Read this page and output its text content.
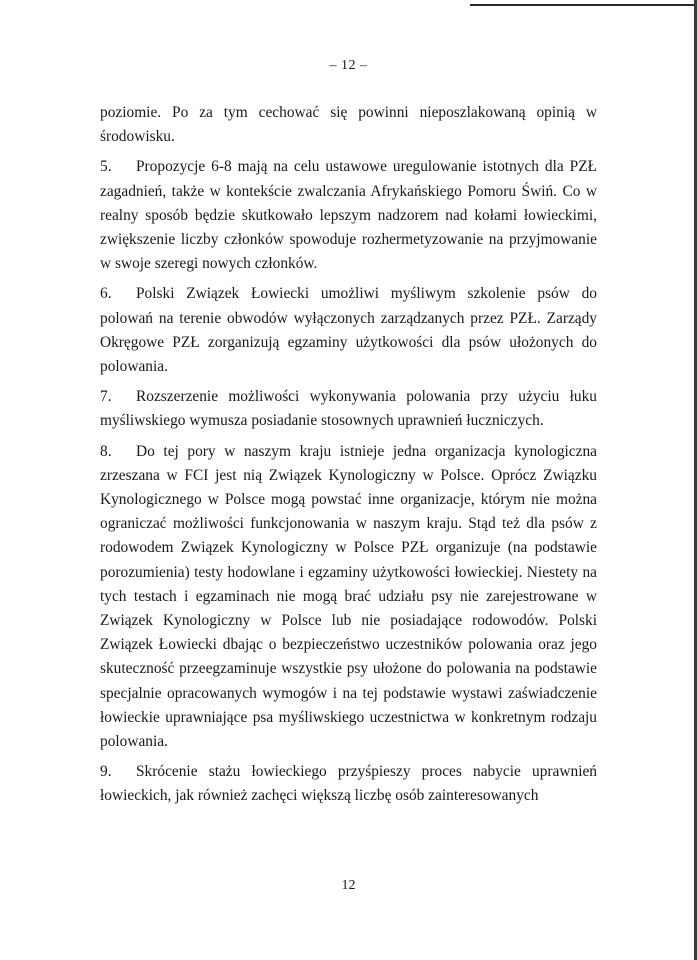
– 12 –

poziomie. Po za tym cechować się powinni nieposzlakowaną opinią w środowisku.

5. Propozycje 6-8 mają na celu ustawowe uregulowanie istotnych dla PZŁ zagadnień, także w kontekście zwalczania Afrykańskiego Pomoru Świń. Co w realny sposób będzie skutkowało lepszym nadzorem nad kołami łowieckimi, zwiększenie liczby członków spowoduje rozhermetyzowanie na przyjmowanie w swoje szeregi nowych członków.

6. Polski Związek Łowiecki umożliwi myśliwym szkolenie psów do polowań na terenie obwodów wyłączonych zarządzanych przez PZŁ. Zarządy Okręgowe PZŁ zorganizują egzaminy użytkowości dla psów ułożonych do polowania.

7. Rozszerzenie możliwości wykonywania polowania przy użyciu łuku myśliwskiego wymusza posiadanie stosownych uprawnień łuczniczych.

8. Do tej pory w naszym kraju istnieje jedna organizacja kynologiczna zrzeszana w FCI jest nią Związek Kynologiczny w Polsce. Oprócz Związku Kynologicznego w Polsce mogą powstać inne organizacje, którym nie można ograniczać możliwości funkcjonowania w naszym kraju. Stąd też dla psów z rodowodem Związek Kynologiczny w Polsce PZŁ organizuje (na podstawie porozumienia) testy hodowlane i egzaminy użytkowości łowieckiej. Niestety na tych testach i egzaminach nie mogą brać udziału psy nie zarejestrowane w Związek Kynologiczny w Polsce lub nie posiadające rodowodów. Polski Związek Łowiecki dbając o bezpieczeństwo uczestników polowania oraz jego skuteczność przeegzaminuje wszystkie psy ułożone do polowania na podstawie specjalnie opracowanych wymogów i na tej podstawie wystawi zaświadczenie łowieckie uprawniające psa myśliwskiego uczestnictwa w konkretnym rodzaju polowania.

9. Skrócenie stażu łowieckiego przyśpieszy proces nabycie uprawnień łowieckich, jak również zachęci większą liczbę osób zainteresowanych

12
